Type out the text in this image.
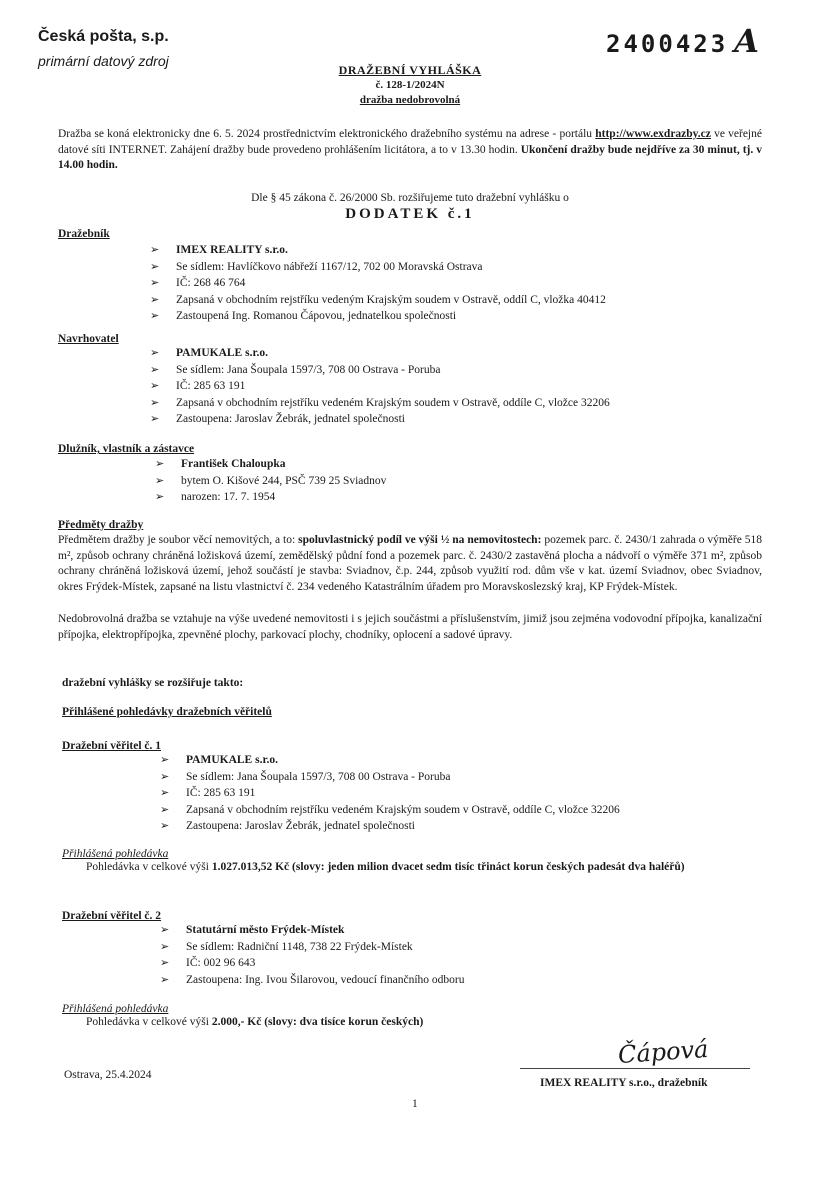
Česká pošta, s.p.
primární datový zdroj
2400423 A
DRAŽEBNÍ VYHLÁŠKA
č. 128-1/2024N
dražba nedobrovolná
Dražba se koná elektronicky dne 6. 5. 2024 prostřednictvím elektronického dražebního systému na adrese - portálu http://www.exdrazby.cz ve veřejné datové síti INTERNET. Zahájení dražby bude provedeno prohlášením licitátora, a to v 13.30 hodin. Ukončení dražby bude nejdříve za 30 minut, tj. v 14.00 hodin.
Dle § 45 zákona č. 26/2000 Sb. rozšiřujeme tuto dražební vyhlášku o
DODATEK č.1
Dražebník
➢ IMEX REALITY s.r.o.
➢ Se sídlem: Havlíčkovo nábřeží 1167/12, 702 00 Moravská Ostrava
➢ IČ: 268 46 764
➢ Zapsaná v obchodním rejstříku vedeným Krajským soudem v Ostravě, oddíl C, vložka 40412
➢ Zastoupená Ing. Romanou Čápovou, jednatelkou společnosti
Navrhovatel
➢ PAMUKALE s.r.o.
➢ Se sídlem: Jana Šoupala 1597/3, 708 00 Ostrava - Poruba
➢ IČ: 285 63 191
➢ Zapsaná v obchodním rejstříku vedeném Krajským soudem v Ostravě, oddíle C, vložce 32206
➢ Zastoupena: Jaroslav Žebrák, jednatel společnosti
Dlužník, vlastník a zástavce
➢ František Chaloupka
➢ bytem O. Kišové 244, PSČ 739 25 Sviadnov
➢ narozen: 17. 7. 1954
Předměty dražby
Předmětem dražby je soubor věcí nemovitých, a to: spoluvlastnický podíl ve výši ½ na nemovitostech: pozemek parc. č. 2430/1 zahrada o výměře 518 m², způsob ochrany chráněná ložisková území, zemědělský půdní fond a pozemek parc. č. 2430/2 zastavěná plocha a nádvoří o výměře 371 m², způsob ochrany chráněná ložisková území, jehož součástí je stavba: Sviadnov, č.p. 244, způsob využití rod. dům vše v kat. území Sviadnov, obec Sviadnov, okres Frýdek-Místek, zapsané na listu vlastnictví č. 234 vedeného Katastrálním úřadem pro Moravskoslezský kraj, KP Frýdek-Místek.
Nedobrovolná dražba se vztahuje na výše uvedené nemovitosti i s jejich součástmi a příslušenstvím, jimiž jsou zejména vodovodní přípojka, kanalizační přípojka, elektropřípojka, zpevněné plochy, parkovací plochy, chodníky, oplocení a sadové úpravy.
dražební vyhlášky se rozšiřuje takto:
Přihlášené pohledávky dražebních věřitelů
Dražební věřitel č. 1
➢ PAMUKALE s.r.o.
➢ Se sídlem: Jana Šoupala 1597/3, 708 00 Ostrava - Poruba
➢ IČ: 285 63 191
➢ Zapsaná v obchodním rejstříku vedeném Krajským soudem v Ostravě, oddíle C, vložce 32206
➢ Zastoupena: Jaroslav Žebrák, jednatel společnosti
Přihlášená pohledávka
Pohledávka v celkové výši 1.027.013,52 Kč (slovy: jeden milion dvacet sedm tisíc třináct korun českých padesát dva haléřů)
Dražební věřitel č. 2
➢ Statutární město Frýdek-Místek
➢ Se sídlem: Radniční 1148, 738 22 Frýdek-Místek
➢ IČ: 002 96 643
➢ Zastoupena: Ing. Ivou Šilarovou, vedoucí finančního odboru
Přihlášená pohledávka
Pohledávka v celkové výši 2.000,- Kč (slovy: dva tisíce korun českých)
Ostrava, 25.4.2024
Čápová
IMEX REALITY s.r.o., dražebník
1
